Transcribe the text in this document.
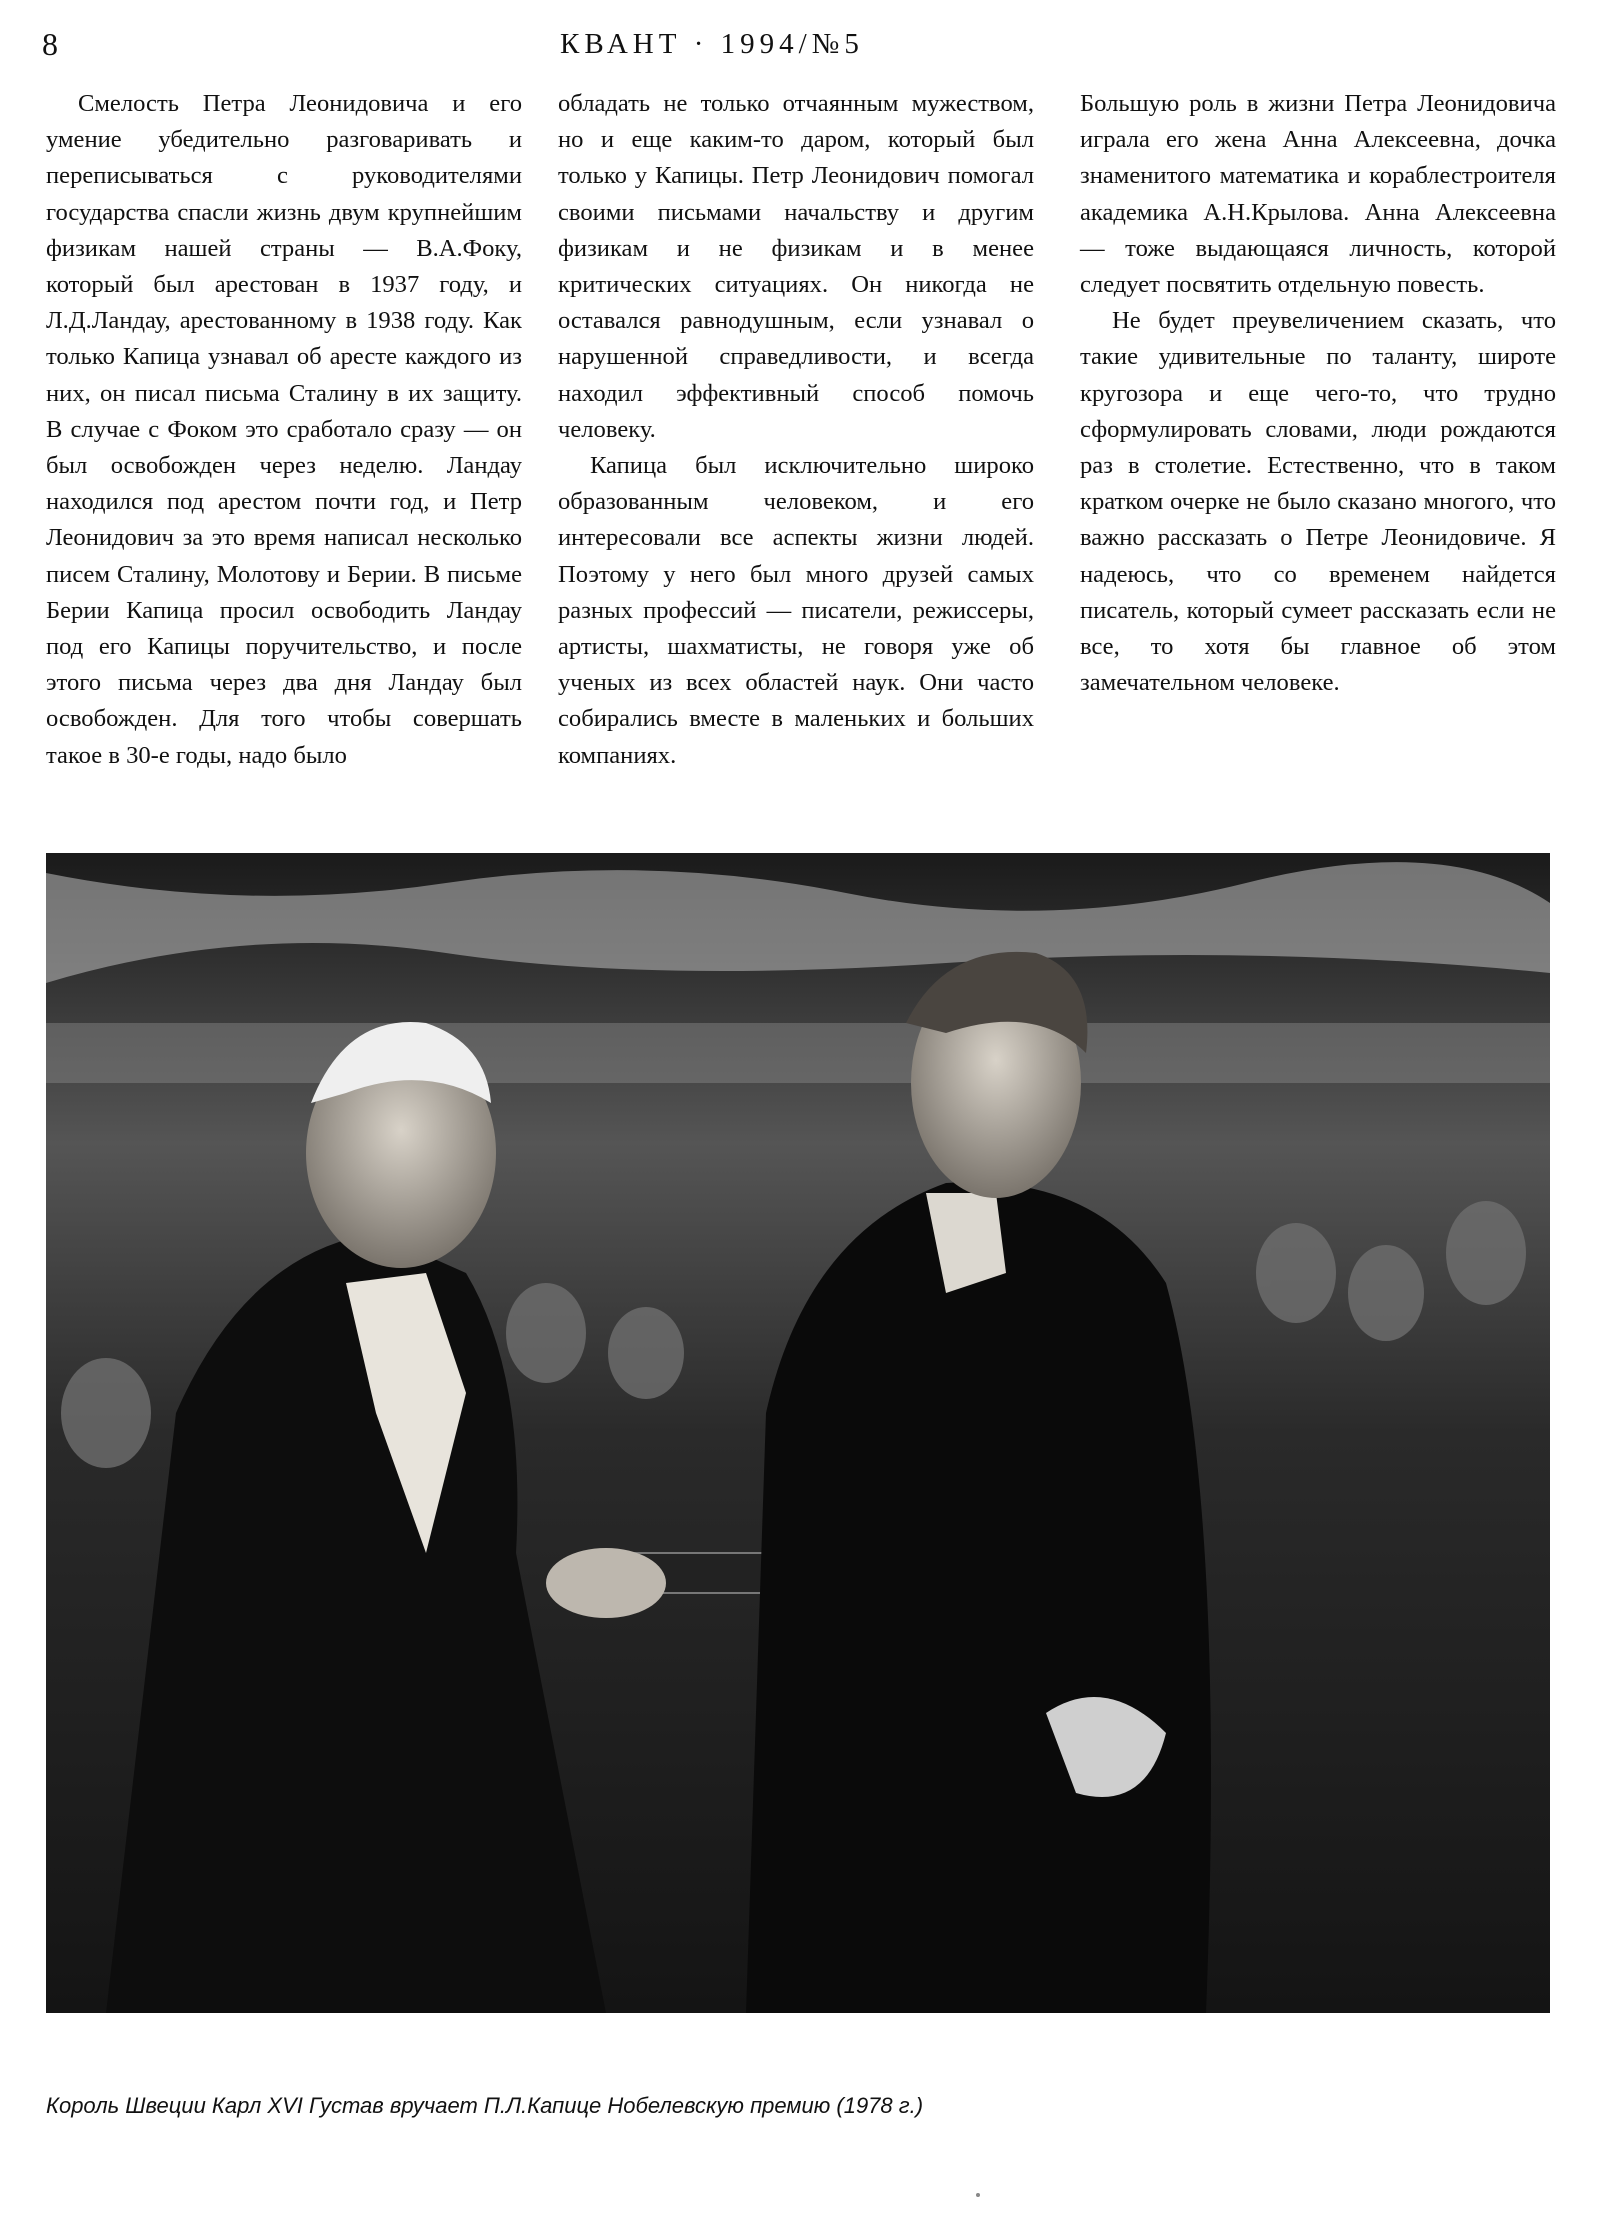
8	КВАНТ · 1994/№5

Смелость Петра Леонидовича и его умение убедительно разговаривать и переписываться с руководителями государства спасли жизнь двум крупнейшим физикам нашей страны — В.А.Фоку, который был арестован в 1937 году, и Л.Д.Ландау, арестованному в 1938 году. Как только Капица узнавал об аресте каждого из них, он писал письма Сталину в их защиту. В случае с Фоком это сработало сразу — он был освобожден через неделю. Ландау находился под арестом почти год, и Петр Леонидович за это время написал несколько писем Сталину, Молотову и Берии. В письме Берии Капица просил освободить Ландау под его Капицы поручительство, и после этого письма через два дня Ландау был освобожден. Для того чтобы совершать такое в 30-е годы, надо было

обладать не только отчаянным мужеством, но и еще каким-то даром, который был только у Капицы. Петр Леонидович помогал своими письмами начальству и другим физикам и не физикам и в менее критических ситуациях. Он никогда не оставался равнодушным, если узнавал о нарушенной справедливости, и всегда находил эффективный способ помочь человеку.

Капица был исключительно широко образованным человеком, и его интересовали все аспекты жизни людей. Поэтому у него был много друзей самых разных профессий — писатели, режиссеры, артисты, шахматисты, не говоря уже об ученых из всех областей наук. Они часто собирались вместе в маленьких и больших компаниях.

Большую роль в жизни Петра Леонидовича играла его жена Анна Алексеевна, дочка знаменитого математика и кораблестроителя академика А.Н.Крылова. Анна Алексеевна — тоже выдающаяся личность, которой следует посвятить отдельную повесть.

Не будет преувеличением сказать, что такие удивительные по таланту, широте кругозора и еще чего-то, что трудно сформулировать словами, люди рождаются раз в столетие. Естественно, что в таком кратком очерке не было сказано многого, что важно рассказать о Петре Леонидовиче. Я надеюсь, что со временем найдется писатель, который сумеет рассказать если не все, то хотя бы главное об этом замечательном человеке.

Король Швеции Карл XVI Густав вручает П.Л.Капице Нобелевскую премию (1978 г.)
